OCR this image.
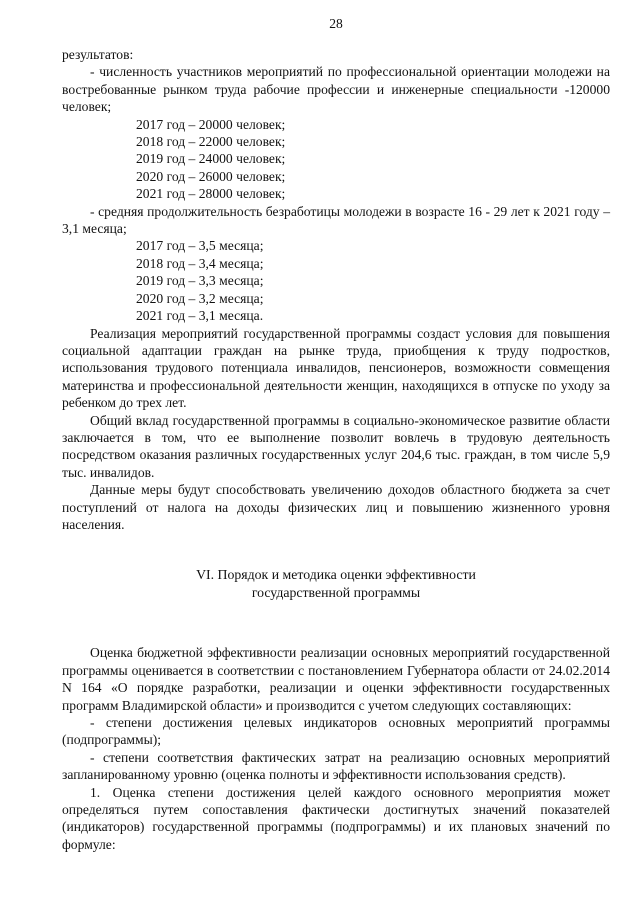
28

результатов:

- численность участников мероприятий по профессиональной ориентации молодежи на востребованные рынком труда рабочие профессии и инженерные специальности -120000 человек;

2017 год – 20000 человек;
2018 год – 22000 человек;
2019 год – 24000 человек;
2020 год – 26000 человек;
2021 год – 28000 человек;

- средняя продолжительность безработицы молодежи в возрасте 16 - 29 лет к 2021 году – 3,1 месяца;

2017 год – 3,5 месяца;
2018 год – 3,4 месяца;
2019 год – 3,3 месяца;
2020 год – 3,2 месяца;
2021 год – 3,1 месяца.

Реализация мероприятий государственной программы создаст условия для повышения социальной адаптации граждан на рынке труда, приобщения к труду подростков, использования трудового потенциала инвалидов, пенсионеров, возможности совмещения материнства и профессиональной деятельности женщин, находящихся в отпуске по уходу за ребенком до трех лет.

Общий вклад государственной программы в социально-экономическое развитие области заключается в том, что ее выполнение позволит вовлечь в трудовую деятельность посредством оказания различных государственных услуг 204,6 тыс. граждан, в том числе 5,9 тыс. инвалидов.

Данные меры будут способствовать увеличению доходов областного бюджета за счет поступлений от налога на доходы физических лиц и повышению жизненного уровня населения.

VI. Порядок и методика оценки эффективности
государственной программы

Оценка бюджетной эффективности реализации основных мероприятий государственной программы оценивается в соответствии с постановлением Губернатора области от 24.02.2014 N 164 «О порядке разработки, реализации и оценки эффективности государственных программ Владимирской области» и производится с учетом следующих составляющих:

- степени достижения целевых индикаторов основных мероприятий программы (подпрограммы);

- степени соответствия фактических затрат на реализацию основных мероприятий запланированному уровню (оценка полноты и эффективности использования средств).

1. Оценка степени достижения целей каждого основного мероприятия может определяться путем сопоставления фактически достигнутых значений показателей (индикаторов) государственной программы (подпрограммы) и их плановых значений по формуле:
